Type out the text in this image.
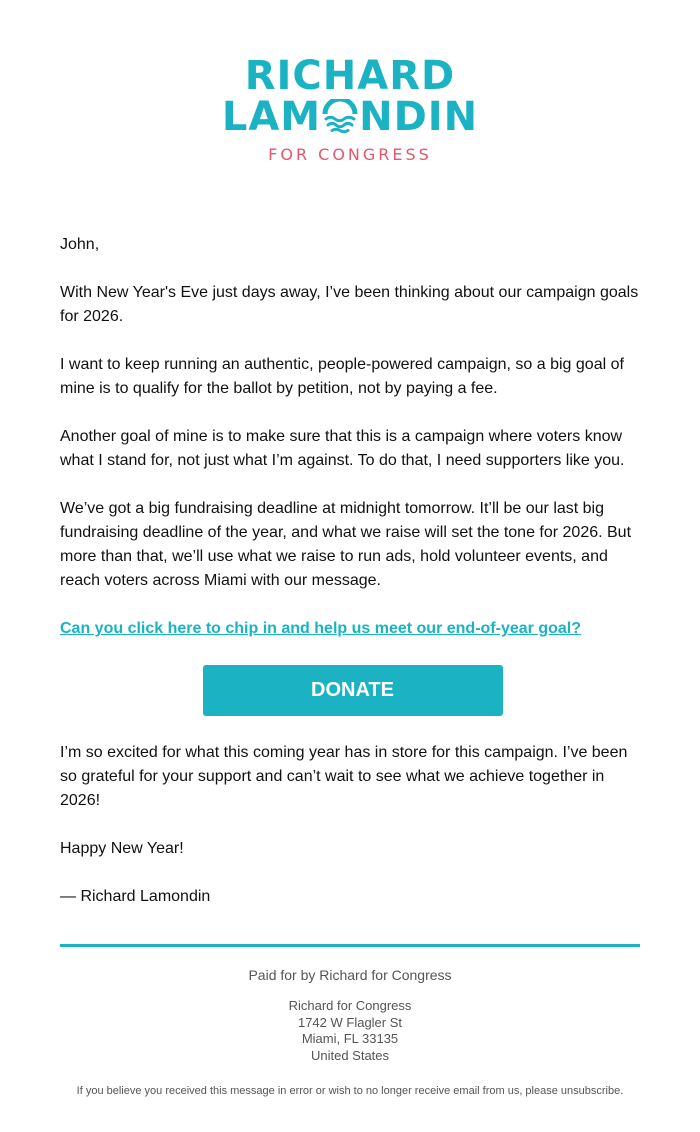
RICHARD
LAM NDIN
FOR CONGRESS

John,

With New Year's Eve just days away, I’ve been thinking about our campaign goals for 2026.

I want to keep running an authentic, people-powered campaign, so a big goal of mine is to qualify for the ballot by petition, not by paying a fee.

Another goal of mine is to make sure that this is a campaign where voters know what I stand for, not just what I’m against. To do that, I need supporters like you.

We’ve got a big fundraising deadline at midnight tomorrow. It’ll be our last big fundraising deadline of the year, and what we raise will set the tone for 2026. But more than that, we’ll use what we raise to run ads, hold volunteer events, and reach voters across Miami with our message.

Can you click here to chip in and help us meet our end-of-year goal?

DONATE

I’m so excited for what this coming year has in store for this campaign. I’ve been so grateful for your support and can’t wait to see what we achieve together in 2026!

Happy New Year!

— Richard Lamondin

Paid for by Richard for Congress
Richard for Congress
1742 W Flagler St
Miami, FL 33135
United States
If you believe you received this message in error or wish to no longer receive email from us, please unsubscribe.
